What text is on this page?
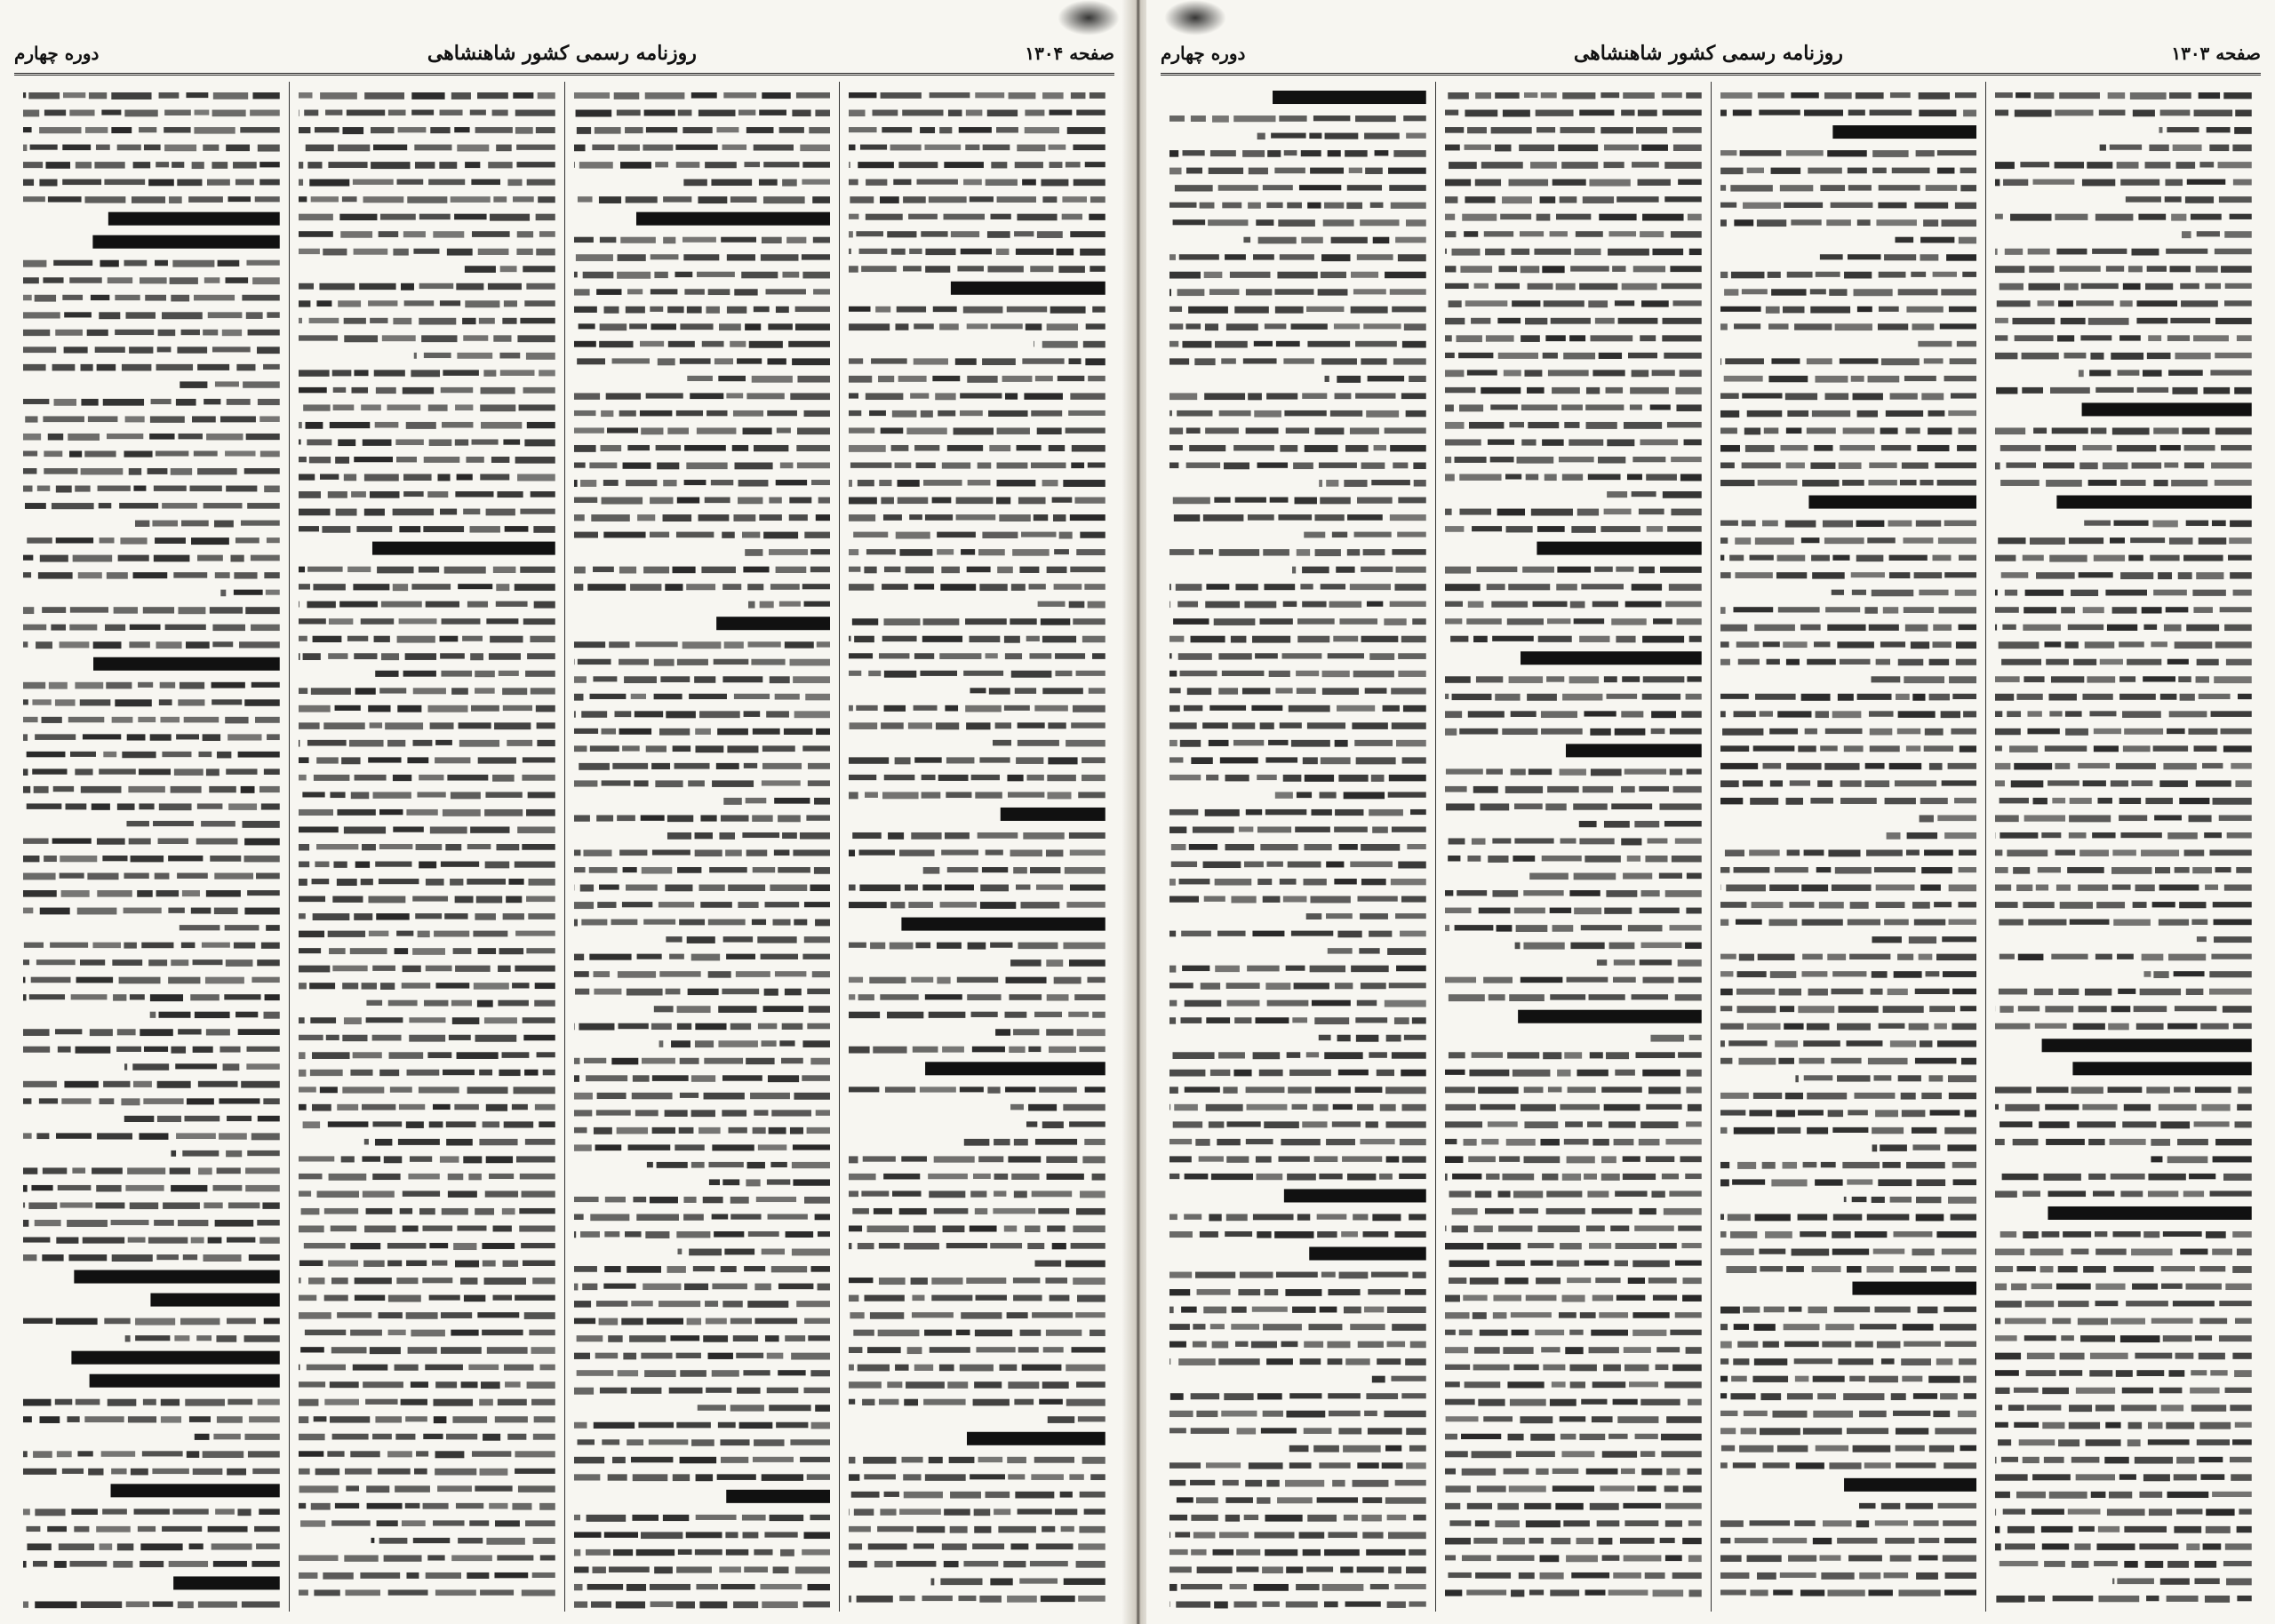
صفحه ۱۳۰۴
روزنامه رسمی کشور شاهنشاهی
دوره چهارم	صفحه ۱۳۰۳
روزنامه رسمی کشور شاهنشاهی
دوره چهارم
